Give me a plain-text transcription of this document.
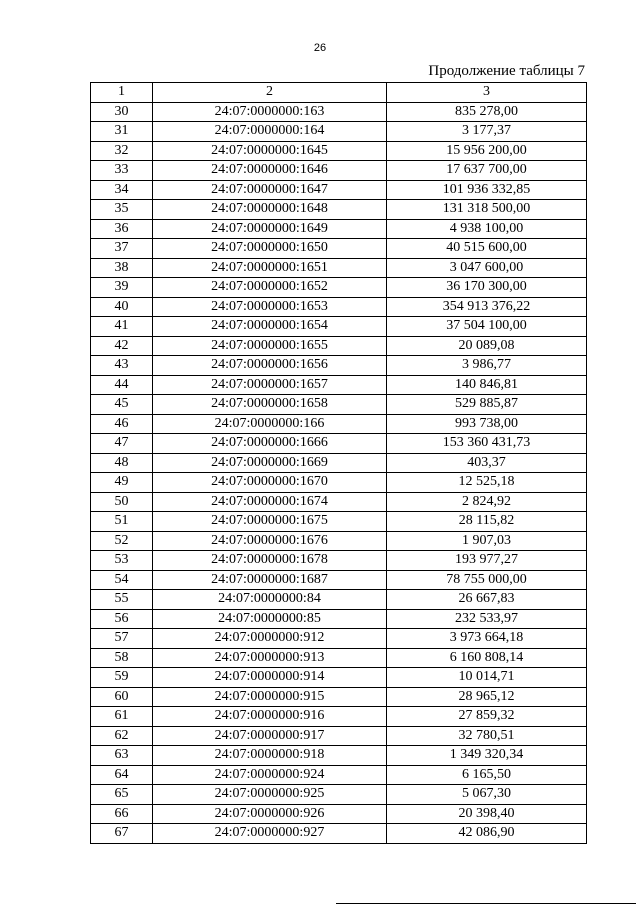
26
Продолжение таблицы 7
1	2	3
30	24:07:0000000:163	835 278,00
31	24:07:0000000:164	3 177,37
32	24:07:0000000:1645	15 956 200,00
33	24:07:0000000:1646	17 637 700,00
34	24:07:0000000:1647	101 936 332,85
35	24:07:0000000:1648	131 318 500,00
36	24:07:0000000:1649	4 938 100,00
37	24:07:0000000:1650	40 515 600,00
38	24:07:0000000:1651	3 047 600,00
39	24:07:0000000:1652	36 170 300,00
40	24:07:0000000:1653	354 913 376,22
41	24:07:0000000:1654	37 504 100,00
42	24:07:0000000:1655	20 089,08
43	24:07:0000000:1656	3 986,77
44	24:07:0000000:1657	140 846,81
45	24:07:0000000:1658	529 885,87
46	24:07:0000000:166	993 738,00
47	24:07:0000000:1666	153 360 431,73
48	24:07:0000000:1669	403,37
49	24:07:0000000:1670	12 525,18
50	24:07:0000000:1674	2 824,92
51	24:07:0000000:1675	28 115,82
52	24:07:0000000:1676	1 907,03
53	24:07:0000000:1678	193 977,27
54	24:07:0000000:1687	78 755 000,00
55	24:07:0000000:84	26 667,83
56	24:07:0000000:85	232 533,97
57	24:07:0000000:912	3 973 664,18
58	24:07:0000000:913	6 160 808,14
59	24:07:0000000:914	10 014,71
60	24:07:0000000:915	28 965,12
61	24:07:0000000:916	27 859,32
62	24:07:0000000:917	32 780,51
63	24:07:0000000:918	1 349 320,34
64	24:07:0000000:924	6 165,50
65	24:07:0000000:925	5 067,30
66	24:07:0000000:926	20 398,40
67	24:07:0000000:927	42 086,90
